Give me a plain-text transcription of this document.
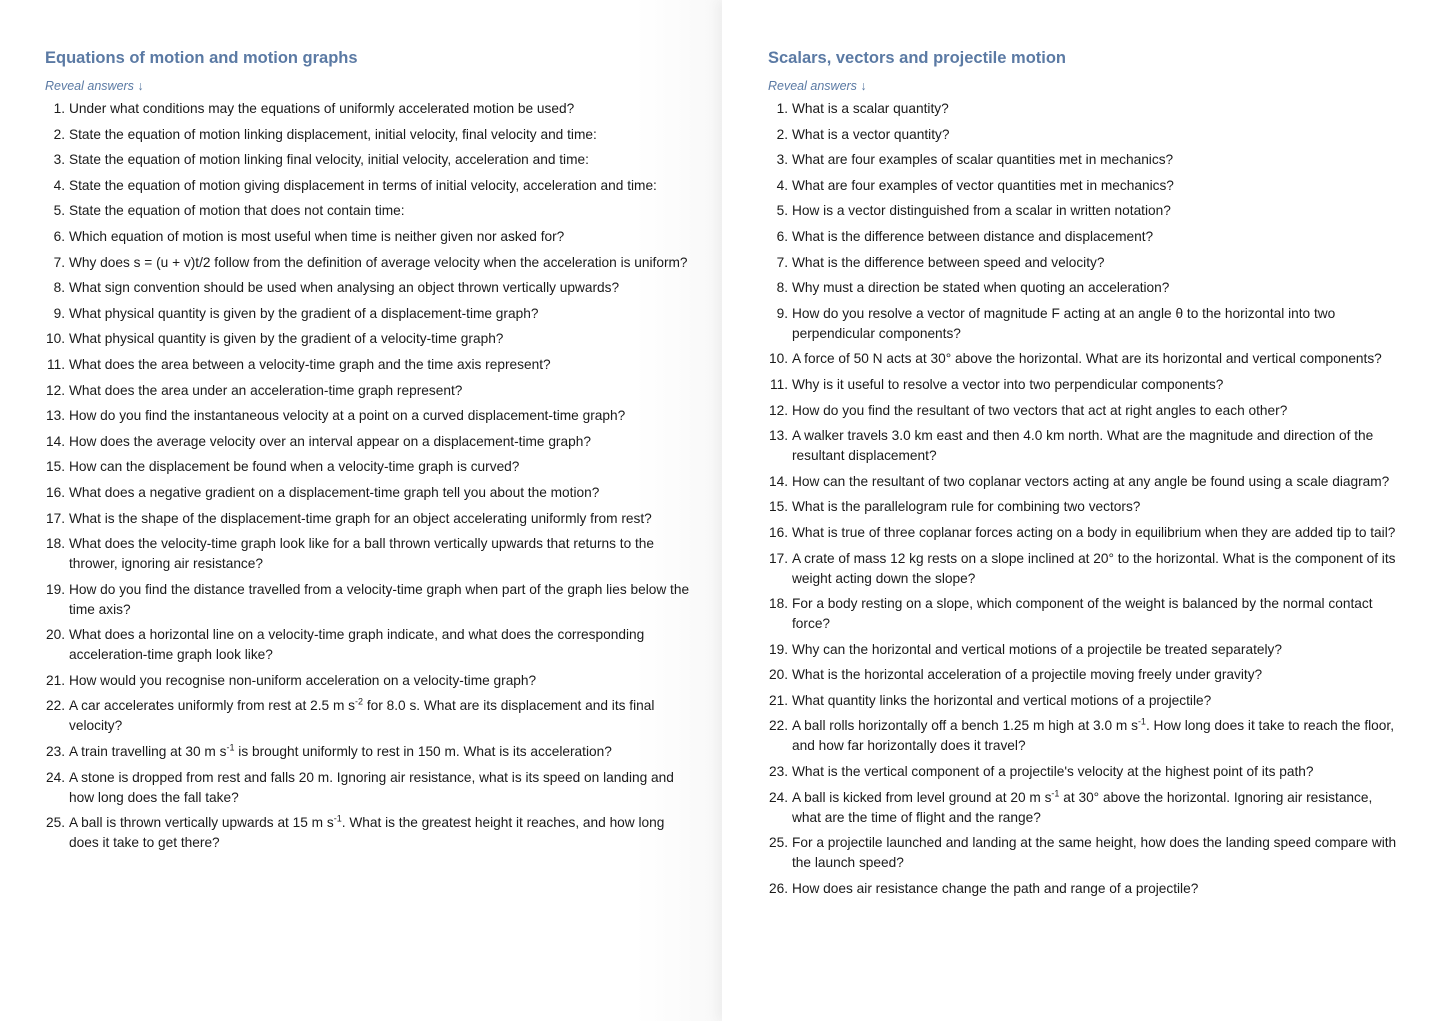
Equations of motion and motion graphs
Reveal answers ↓
1. Under what conditions may the equations of uniformly accelerated motion be used?
2. State the equation of motion linking displacement, initial velocity, final velocity and time:
3. State the equation of motion linking final velocity, initial velocity, acceleration and time:
4. State the equation of motion giving displacement in terms of initial velocity, acceleration and time:
5. State the equation of motion that does not contain time:
6. Which equation of motion is most useful when time is neither given nor asked for?
7. Why does s = (u + v)t/2 follow from the definition of average velocity when the acceleration is uniform?
8. What sign convention should be used when analysing an object thrown vertically upwards?
9. What physical quantity is given by the gradient of a displacement-time graph?
10. What physical quantity is given by the gradient of a velocity-time graph?
11. What does the area between a velocity-time graph and the time axis represent?
12. What does the area under an acceleration-time graph represent?
13. How do you find the instantaneous velocity at a point on a curved displacement-time graph?
14. How does the average velocity over an interval appear on a displacement-time graph?
15. How can the displacement be found when a velocity-time graph is curved?
16. What does a negative gradient on a displacement-time graph tell you about the motion?
17. What is the shape of the displacement-time graph for an object accelerating uniformly from rest?
18. What does the velocity-time graph look like for a ball thrown vertically upwards that returns to the thrower, ignoring air resistance?
19. How do you find the distance travelled from a velocity-time graph when part of the graph lies below the time axis?
20. What does a horizontal line on a velocity-time graph indicate, and what does the corresponding acceleration-time graph look like?
21. How would you recognise non-uniform acceleration on a velocity-time graph?
22. A car accelerates uniformly from rest at 2.5 m $s^{-2}$ for 8.0 s. What are its displacement and its final velocity?
23. A train travelling at 30 m $s^{-1}$ is brought uniformly to rest in 150 m. What is its acceleration?
24. A stone is dropped from rest and falls 20 m. Ignoring air resistance, what is its speed on landing and how long does the fall take?
25. A ball is thrown vertically upwards at 15 m $s^{-1}$. What is the greatest height it reaches, and how long does it take to get there?
Scalars, vectors and projectile motion
Reveal answers ↓
1. What is a scalar quantity?
2. What is a vector quantity?
3. What are four examples of scalar quantities met in mechanics?
4. What are four examples of vector quantities met in mechanics?
5. How is a vector distinguished from a scalar in written notation?
6. What is the difference between distance and displacement?
7. What is the difference between speed and velocity?
8. Why must a direction be stated when quoting an acceleration?
9. How do you resolve a vector of magnitude F acting at an angle θ to the horizontal into two perpendicular components?
10. A force of 50 N acts at 30° above the horizontal. What are its horizontal and vertical components?
11. Why is it useful to resolve a vector into two perpendicular components?
12. How do you find the resultant of two vectors that act at right angles to each other?
13. A walker travels 3.0 km east and then 4.0 km north. What are the magnitude and direction of the resultant displacement?
14. How can the resultant of two coplanar vectors acting at any angle be found using a scale diagram?
15. What is the parallelogram rule for combining two vectors?
16. What is true of three coplanar forces acting on a body in equilibrium when they are added tip to tail?
17. A crate of mass 12 kg rests on a slope inclined at 20° to the horizontal. What is the component of its weight acting down the slope?
18. For a body resting on a slope, which component of the weight is balanced by the normal contact force?
19. Why can the horizontal and vertical motions of a projectile be treated separately?
20. What is the horizontal acceleration of a projectile moving freely under gravity?
21. What quantity links the horizontal and vertical motions of a projectile?
22. A ball rolls horizontally off a bench 1.25 m high at 3.0 m $s^{-1}$. How long does it take to reach the floor, and how far horizontally does it travel?
23. What is the vertical component of a projectile's velocity at the highest point of its path?
24. A ball is kicked from level ground at 20 m $s^{-1}$ at 30° above the horizontal. Ignoring air resistance, what are the time of flight and the range?
25. For a projectile launched and landing at the same height, how does the landing speed compare with the launch speed?
26. How does air resistance change the path and range of a projectile?
